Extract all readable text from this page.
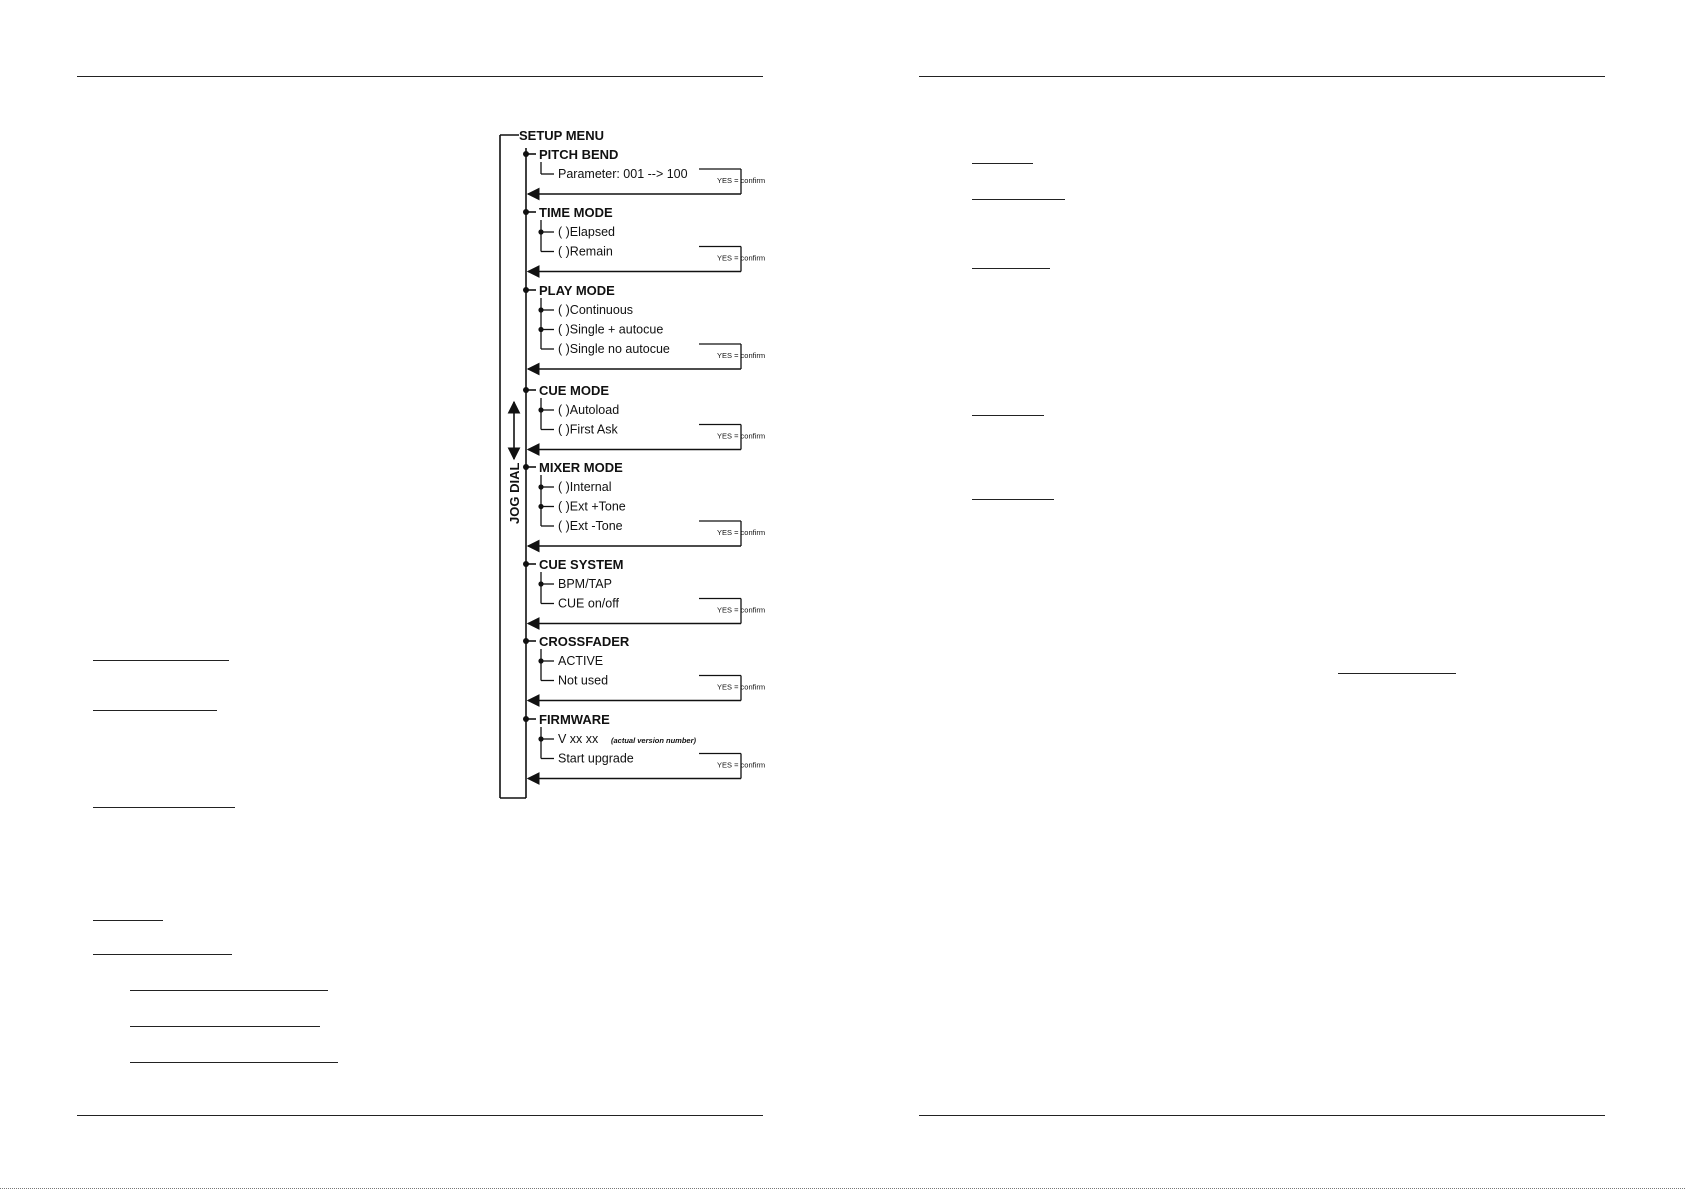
SETUP MENU
JOG DIAL
PITCH BEND
Parameter: 001 --> 100	YES = confirm
TIME MODE
( )Elapsed
( )Remain	YES = confirm
PLAY MODE
( )Continuous
( )Single + autocue
( )Single no autocue	YES = confirm
CUE MODE
( )Autoload
( )First Ask	YES = confirm
MIXER MODE
( )Internal
( )Ext +Tone
( )Ext -Tone	YES = confirm
CUE SYSTEM
BPM/TAP
CUE on/off	YES = confirm
CROSSFADER
ACTIVE
Not used	YES = confirm
FIRMWARE
V xx xx (actual version number)
Start upgrade	YES = confirm
